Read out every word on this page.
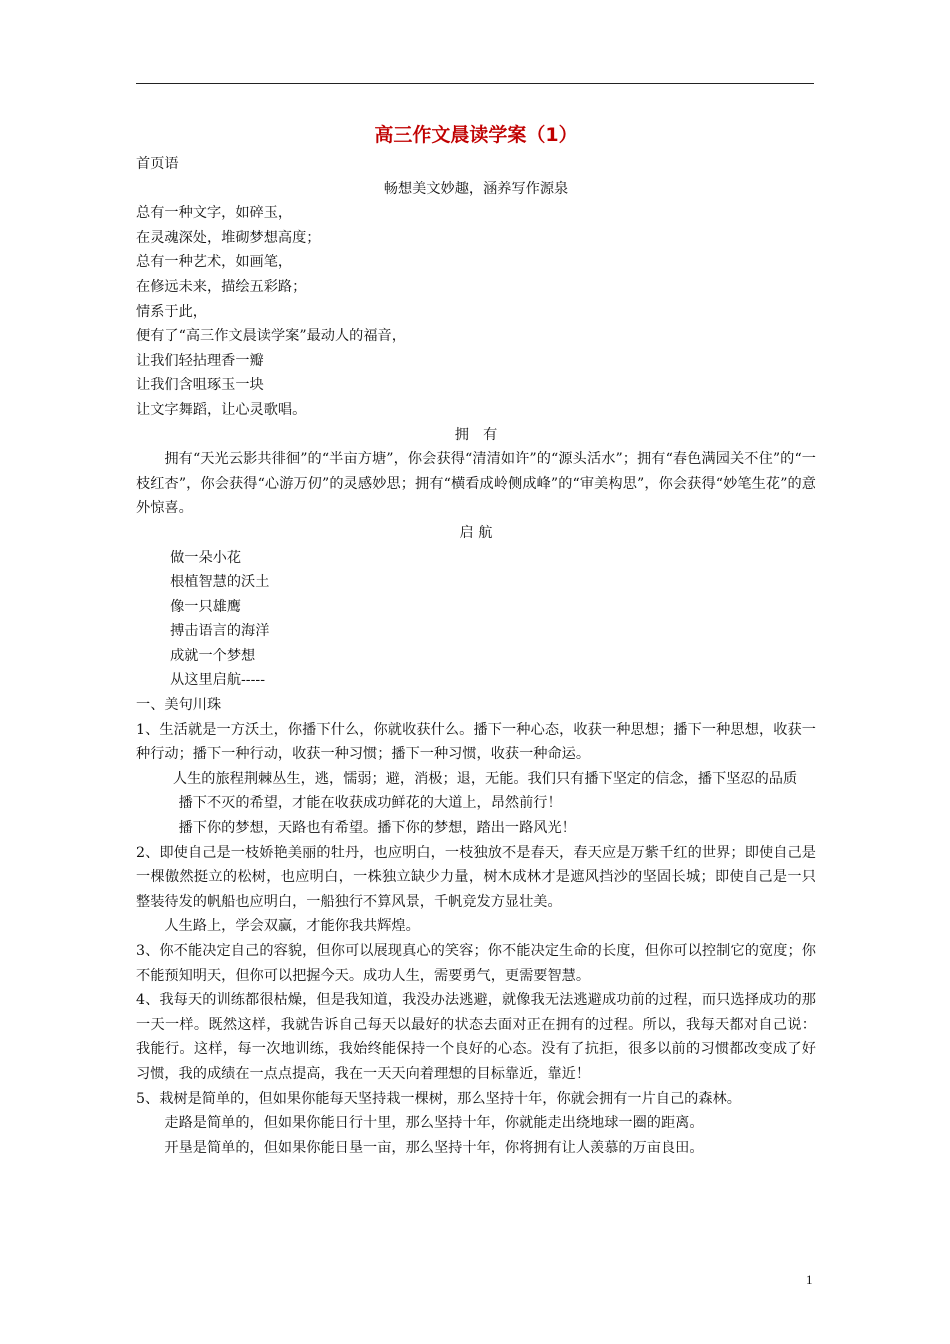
高三作文晨读学案（1）

首页语

畅想美文妙趣，涵养写作源泉

总有一种文字，如碎玉，

在灵魂深处，堆砌梦想高度；

总有一种艺术，如画笔，

在修远未来，描绘五彩路；

情系于此，

便有了“高三作文晨读学案”最动人的福音，

让我们轻拈理香一瓣

让我们含咀琢玉一块

让文字舞蹈，让心灵歌唱。

拥　有

拥有“天光云影共徘徊”的“半亩方塘”，你会获得“清清如许”的“源头活水”；拥有“春色满园关不住”的“一枝红杏”，你会获得“心游万仞”的灵感妙思；拥有“横看成岭侧成峰”的“审美构思”，你会获得“妙笔生花”的意外惊喜。

启 航

做一朵小花

根植智慧的沃土

像一只雄鹰

搏击语言的海洋

成就一个梦想

从这里启航-----

一、美句川珠

1、生活就是一方沃土，你播下什么，你就收获什么。播下一种心态，收获一种思想；播下一种思想，收获一种行动；播下一种行动，收获一种习惯；播下一种习惯，收获一种命运。

人生的旅程荆棘丛生，逃，懦弱；避，消极；退，无能。我们只有播下坚定的信念，播下坚忍的品质

播下不灭的希望，才能在收获成功鲜花的大道上，昂然前行！

播下你的梦想，天路也有希望。播下你的梦想，踏出一路风光！

2、即使自己是一枝娇艳美丽的牡丹，也应明白，一枝独放不是春天，春天应是万紫千红的世界；即使自己是一棵傲然挺立的松树，也应明白，一株独立缺少力量，树木成林才是遮风挡沙的坚固长城；即使自己是一只整装待发的帆船也应明白，一船独行不算风景，千帆竞发方显壮美。

人生路上，学会双赢，才能你我共辉煌。

3、你不能决定自己的容貌，但你可以展现真心的笑容；你不能决定生命的长度，但你可以控制它的宽度；你不能预知明天，但你可以把握今天。成功人生，需要勇气，更需要智慧。

4、我每天的训练都很枯燥，但是我知道，我没办法逃避，就像我无法逃避成功前的过程，而只选择成功的那一天一样。既然这样，我就告诉自己每天以最好的状态去面对正在拥有的过程。所以，我每天都对自己说：我能行。这样，每一次地训练，我始终能保持一个良好的心态。没有了抗拒，很多以前的习惯都改变成了好习惯，我的成绩在一点点提高，我在一天天向着理想的目标靠近，靠近！

5、栽树是简单的，但如果你能每天坚持栽一棵树，那么坚持十年，你就会拥有一片自己的森林。

走路是简单的，但如果你能日行十里，那么坚持十年，你就能走出绕地球一圈的距离。

开垦是简单的，但如果你能日垦一亩，那么坚持十年，你将拥有让人羡慕的万亩良田。

1
